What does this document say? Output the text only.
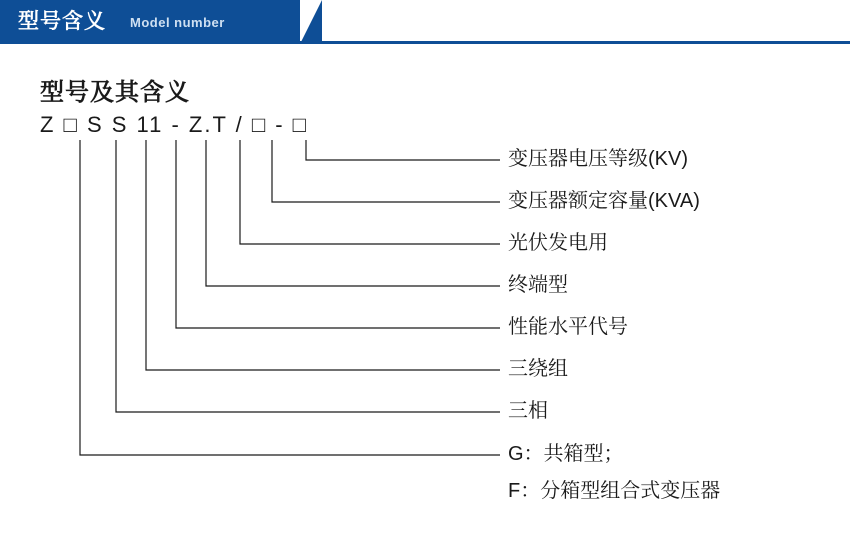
型号含义 Model number
型号及其含义
Z □ S S 11 - Z.T / □ - □
变压器电压等级(KV)
变压器额定容量(KVA)
光伏发电用
终端型
性能水平代号
三绕组
三相
G：共箱型；
F：分箱型组合式变压器
